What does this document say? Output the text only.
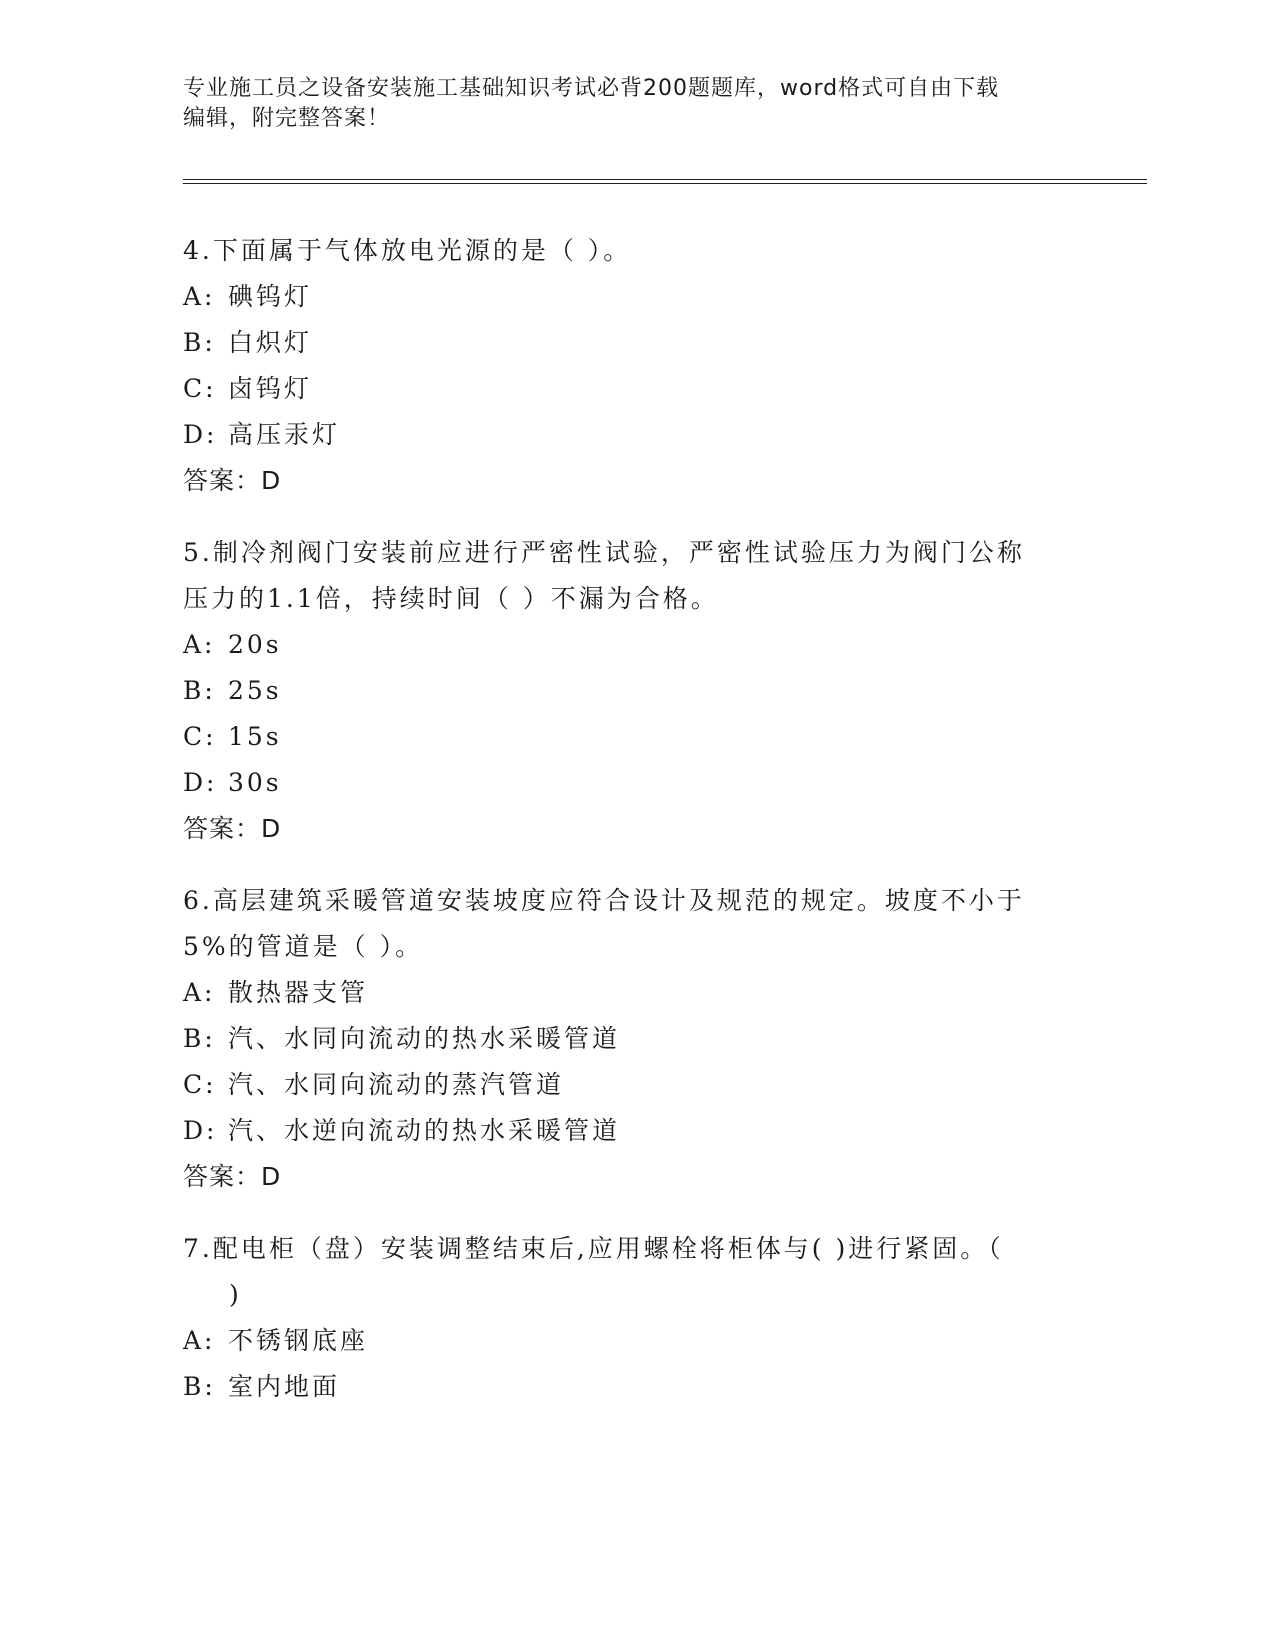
专业施工员之设备安装施工基础知识考试必背200题题库，word格式可自由下载
编辑，附完整答案！
4.下面属于气体放电光源的是（ ）。
A: 碘钨灯
B: 白炽灯
C: 卤钨灯
D: 高压汞灯
答案：D
5.制冷剂阀门安装前应进行严密性试验，严密性试验压力为阀门公称
压力的1.1倍，持续时间（ ）不漏为合格。
A: 20s
B: 25s
C: 15s
D: 30s
答案：D
6.高层建筑采暖管道安装坡度应符合设计及规范的规定。坡度不小于
5%的管道是（ ）。
A: 散热器支管
B: 汽、水同向流动的热水采暖管道
C: 汽、水同向流动的蒸汽管道
D: 汽、水逆向流动的热水采暖管道
答案：D
7.配电柜（盘）安装调整结束后,应用螺栓将柜体与( )进行紧固。（
)
A: 不锈钢底座
B: 室内地面
